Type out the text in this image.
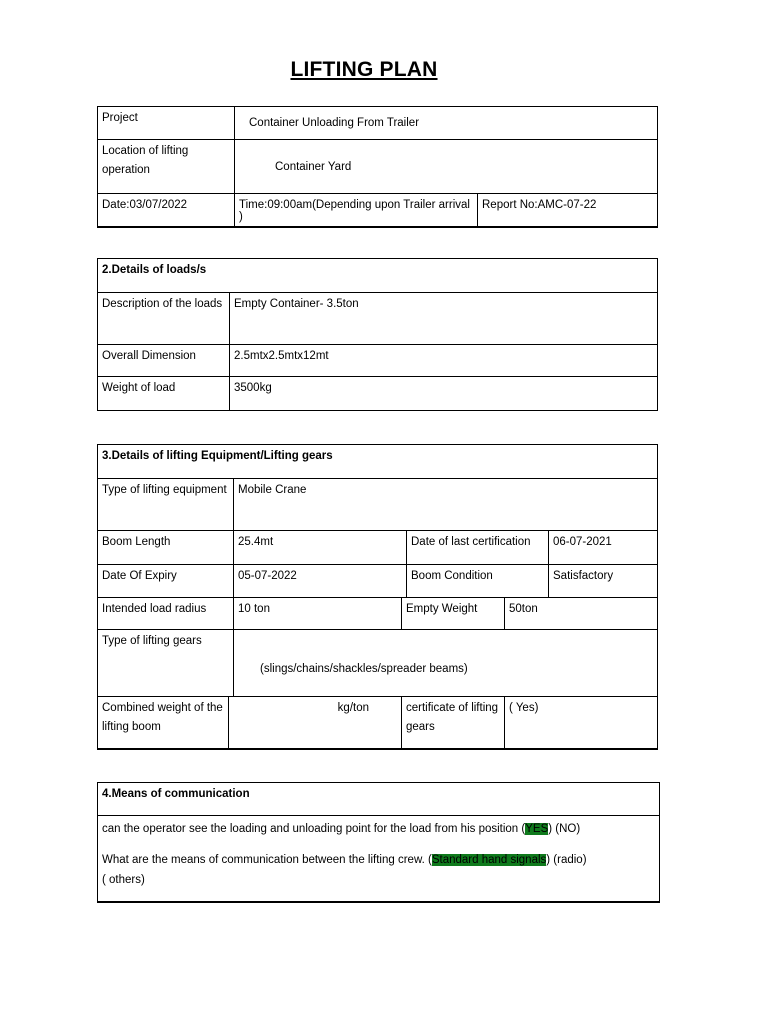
LIFTING PLAN
Project	Container Unloading From Trailer	
Location of lifting operation	Container Yard	
Date:03/07/2022	Time:09:00am(Depending upon Trailer arrival )	Report No:AMC-07-22
2.Details of loads/s	
Description of the loads	Empty Container- 3.5ton
Overall Dimension	2.5mtx2.5mtx12mt
Weight of load	3500kg
3.Details of lifting Equipment/Lifting gears						
Type of lifting equipment		Mobile Crane				
Boom Length		25.4mt		Date of last certification		06-07-2021
Date Of Expiry		05-07-2022		Boom Condition		Satisfactory
Intended load radius		10 ton	Empty Weight		50ton	
Type of lifting gears		(slings/chains/shackles/spreader beams)				
Combined weight of the lifting boom	kg/ton		certificate of lifting gears		( Yes)	
4.Means of communication

can the operator see the loading and unloading point for the load from his position (YES) (NO)
What are the means of communication between the lifting crew. (Standard hand signals) (radio)
( others)
